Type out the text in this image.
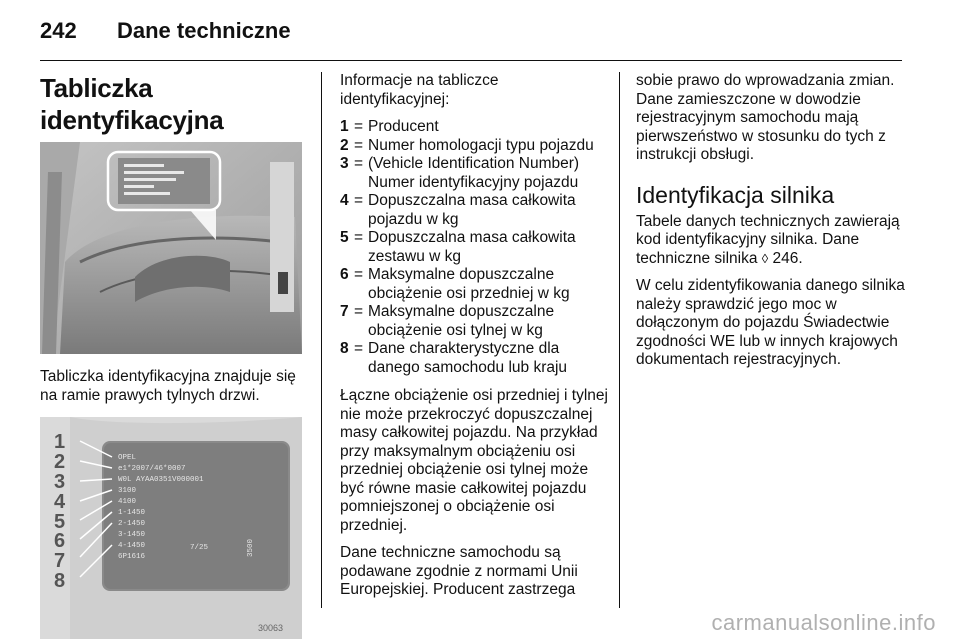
242	Dane techniczne
Tabliczka identyfikacyjna

Tabliczka identyfikacyjna znajduje się na ramie prawych tylnych drzwi.

1
2
3
4
5
6
7
8
OPEL
e1*2007/46*0007
W0L AYAA0351V000001
3100
4100
1-1450
2-1450
3-1450
4-1450
6P1616
7/25	3500
30063

Informacje na tabliczce identyfikacyjnej:

1 = Producent
2 = Numer homologacji typu pojazdu
3 = (Vehicle Identification Number) Numer identyfikacyjny pojazdu
4 = Dopuszczalna masa całkowita pojazdu w kg
5 = Dopuszczalna masa całkowita zestawu w kg
6 = Maksymalne dopuszczalne obciążenie osi przedniej w kg
7 = Maksymalne dopuszczalne obciążenie osi tylnej w kg
8 = Dane charakterystyczne dla danego samochodu lub kraju

Łączne obciążenie osi przedniej i tylnej nie może przekroczyć dopuszczalnej masy całkowitej pojazdu. Na przykład przy maksymalnym obciążeniu osi przedniej obciążenie osi tylnej może być równe masie całkowitej pojazdu pomniejszonej o obciążenie osi przedniej.

Dane techniczne samochodu są podawane zgodnie z normami Unii Europejskiej. Producent zastrzega

sobie prawo do wprowadzania zmian. Dane zamieszczone w dowodzie rejestracyjnym samochodu mają pierwszeństwo w stosunku do tych z instrukcji obsługi.

Identyfikacja silnika

Tabele danych technicznych zawierają kod identyfikacyjny silnika. Dane techniczne silnika ◊ 246.

W celu zidentyfikowania danego silnika należy sprawdzić jego moc w dołączonym do pojazdu Świadectwie zgodności WE lub w innych krajowych dokumentach rejestracyjnych.

carmanualsonline.info
